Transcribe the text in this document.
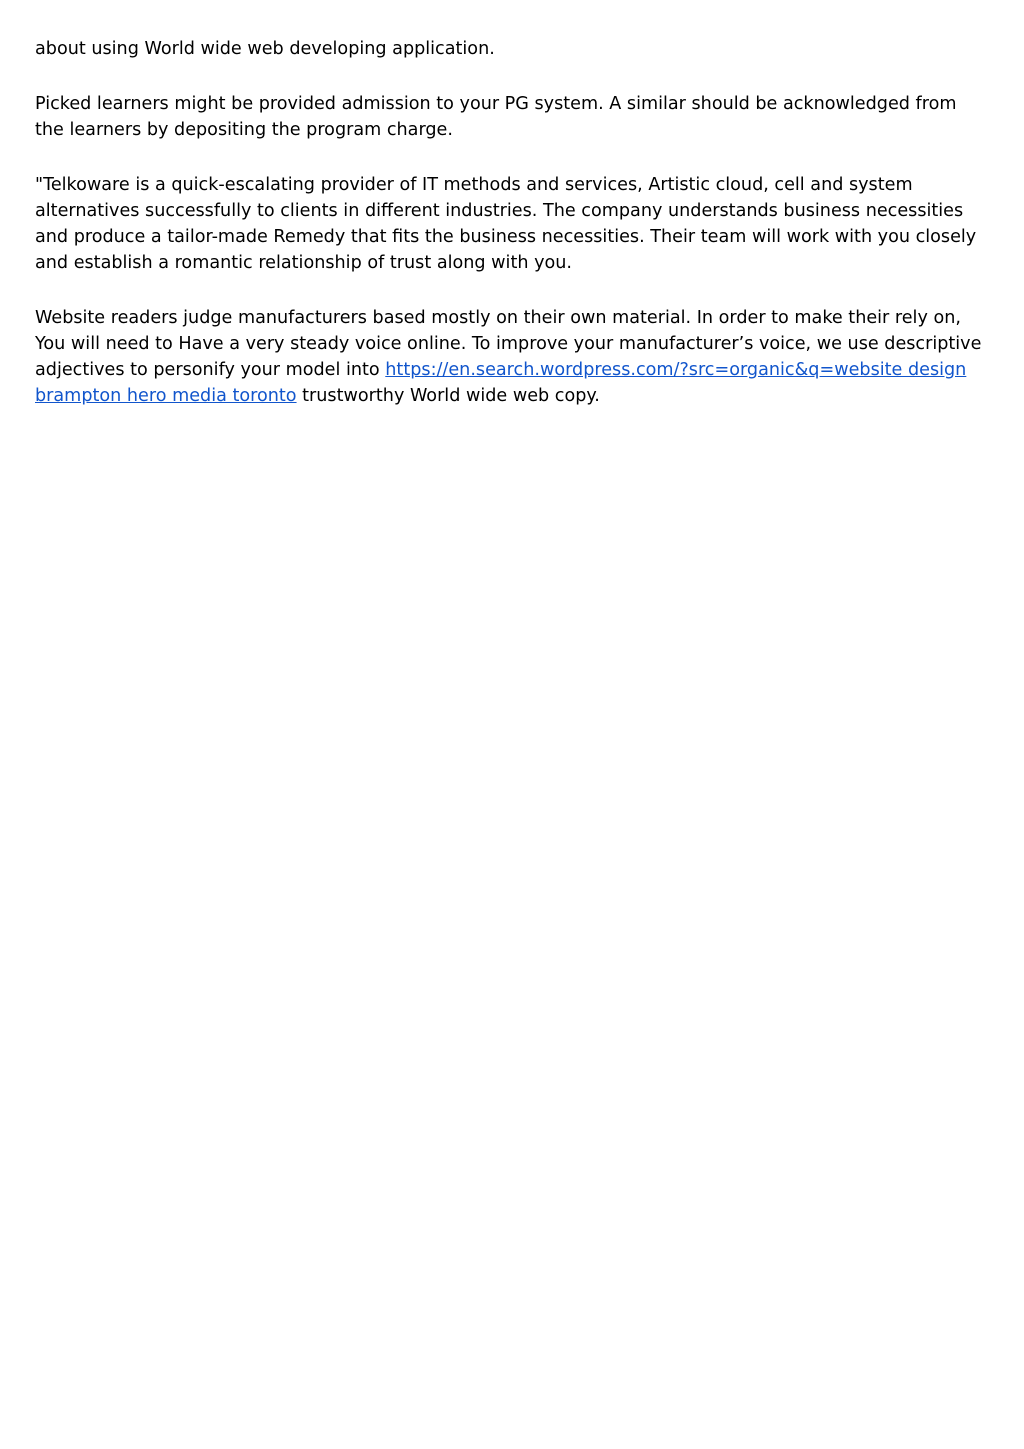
about using World wide web developing application.

Picked learners might be provided admission to your PG system. A similar should be acknowledged from the learners by depositing the program charge.

"Telkoware is a quick-escalating provider of IT methods and services, Artistic cloud, cell and system alternatives successfully to clients in different industries. The company understands business necessities and produce a tailor-made Remedy that fits the business necessities. Their team will work with you closely and establish a romantic relationship of trust along with you.

Website readers judge manufacturers based mostly on their own material. In order to make their rely on, You will need to Have a very steady voice online. To improve your manufacturer’s voice, we use descriptive adjectives to personify your model into https://en.search.wordpress.com/?src=organic&q=website design brampton hero media toronto trustworthy World wide web copy.
